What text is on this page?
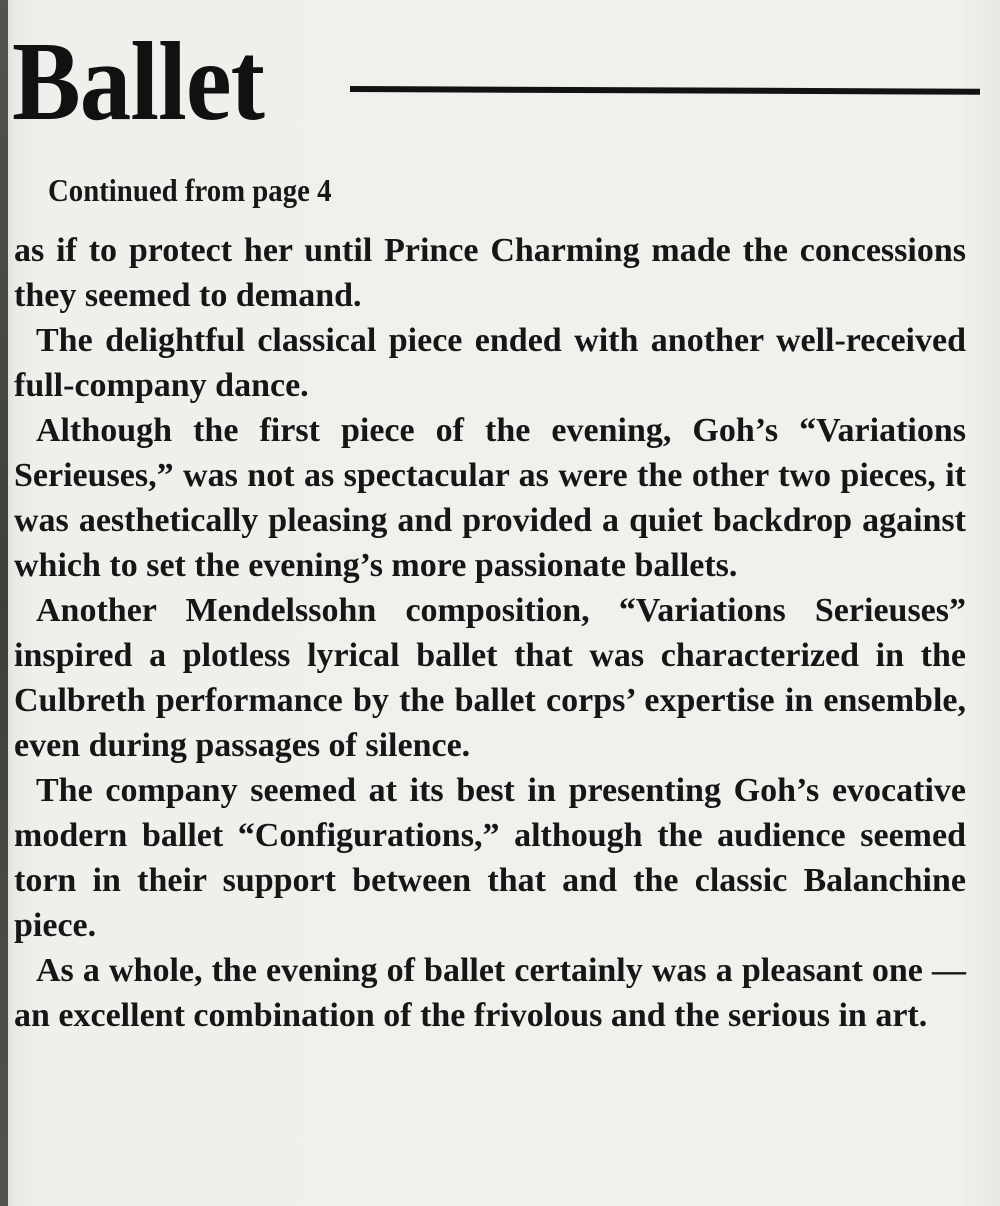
Ballet
Continued from page 4

as if to protect her until Prince Charming made the concessions they seemed to demand.

The delightful classical piece ended with another well-received full-company dance.

Although the first piece of the evening, Goh’s “Variations Serieuses,” was not as spectacular as were the other two pieces, it was aesthetically pleasing and provided a quiet backdrop against which to set the evening’s more passionate ballets.

Another Mendelssohn composition, “Variations Serieuses” inspired a plotless lyrical ballet that was characterized in the Culbreth performance by the ballet corps’ expertise in ensemble, even during passages of silence.

The company seemed at its best in presenting Goh’s evocative modern ballet “Configurations,” although the audience seemed torn in their support between that and the classic Balanchine piece.

As a whole, the evening of ballet certainly was a pleasant one — an excellent combination of the frivolous and the serious in art.
